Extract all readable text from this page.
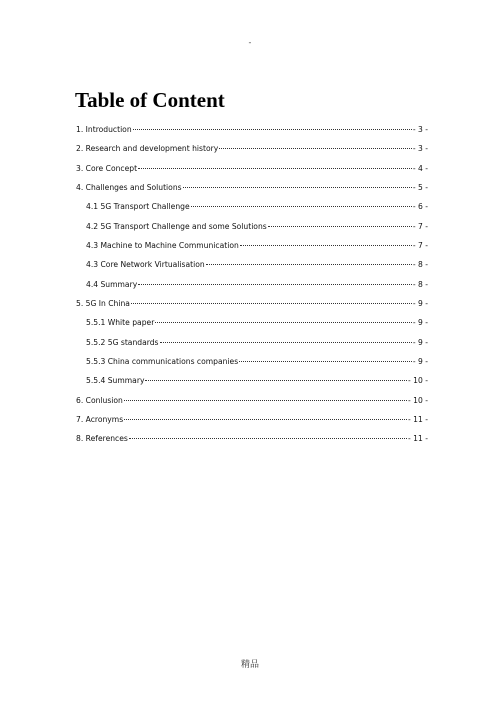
-
Table of Content
1. Introduction	- 3 -
2. Research and development history	- 3 -
3. Core Concept	- 4 -
4. Challenges and Solutions	- 5 -
4.1 5G Transport Challenge	- 6 -
4.2 5G Transport Challenge and some Solutions	- 7 -
4.3 Machine to Machine Communication	- 7 -
4.3 Core Network Virtualisation	- 8 -
4.4 Summary	- 8 -
5. 5G In China	- 9 -
5.5.1 White paper	- 9 -
5.5.2 5G standards	- 9 -
5.5.3 China communications companies	- 9 -
5.5.4 Summary	- 10 -
6. Conlusion	- 10 -
7. Acronyms	- 11 -
8. References	- 11 -
精品
